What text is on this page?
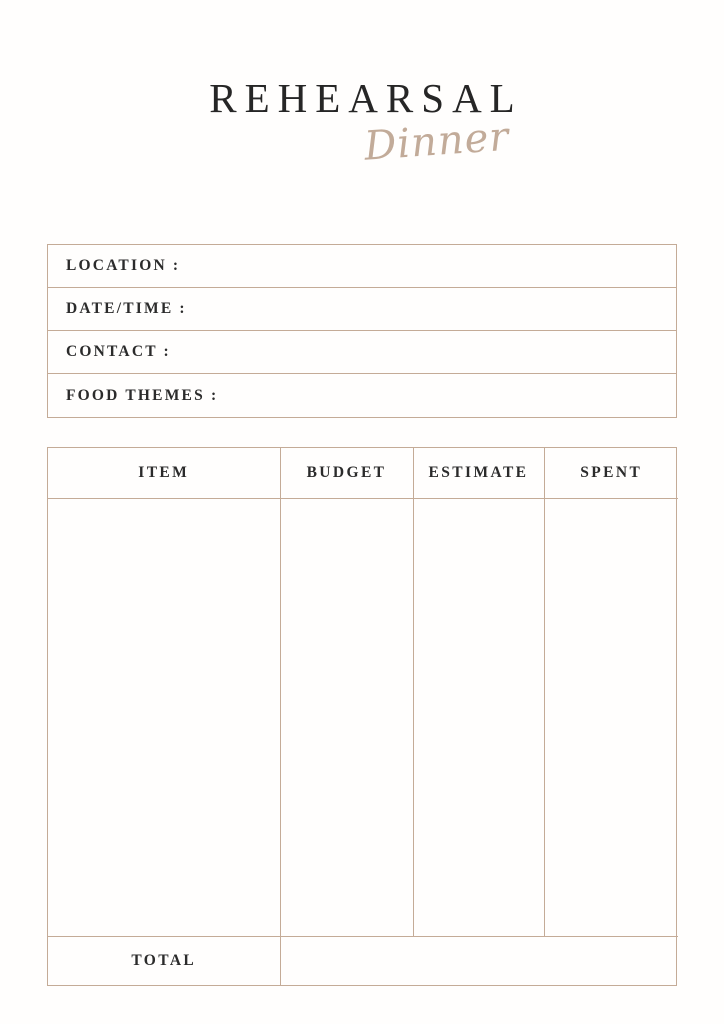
REHEARSAL
Dinner
LOCATION :
DATE/TIME :
CONTACT :
FOOD THEMES :
ITEM	BUDGET	ESTIMATE	SPENT

TOTAL			
